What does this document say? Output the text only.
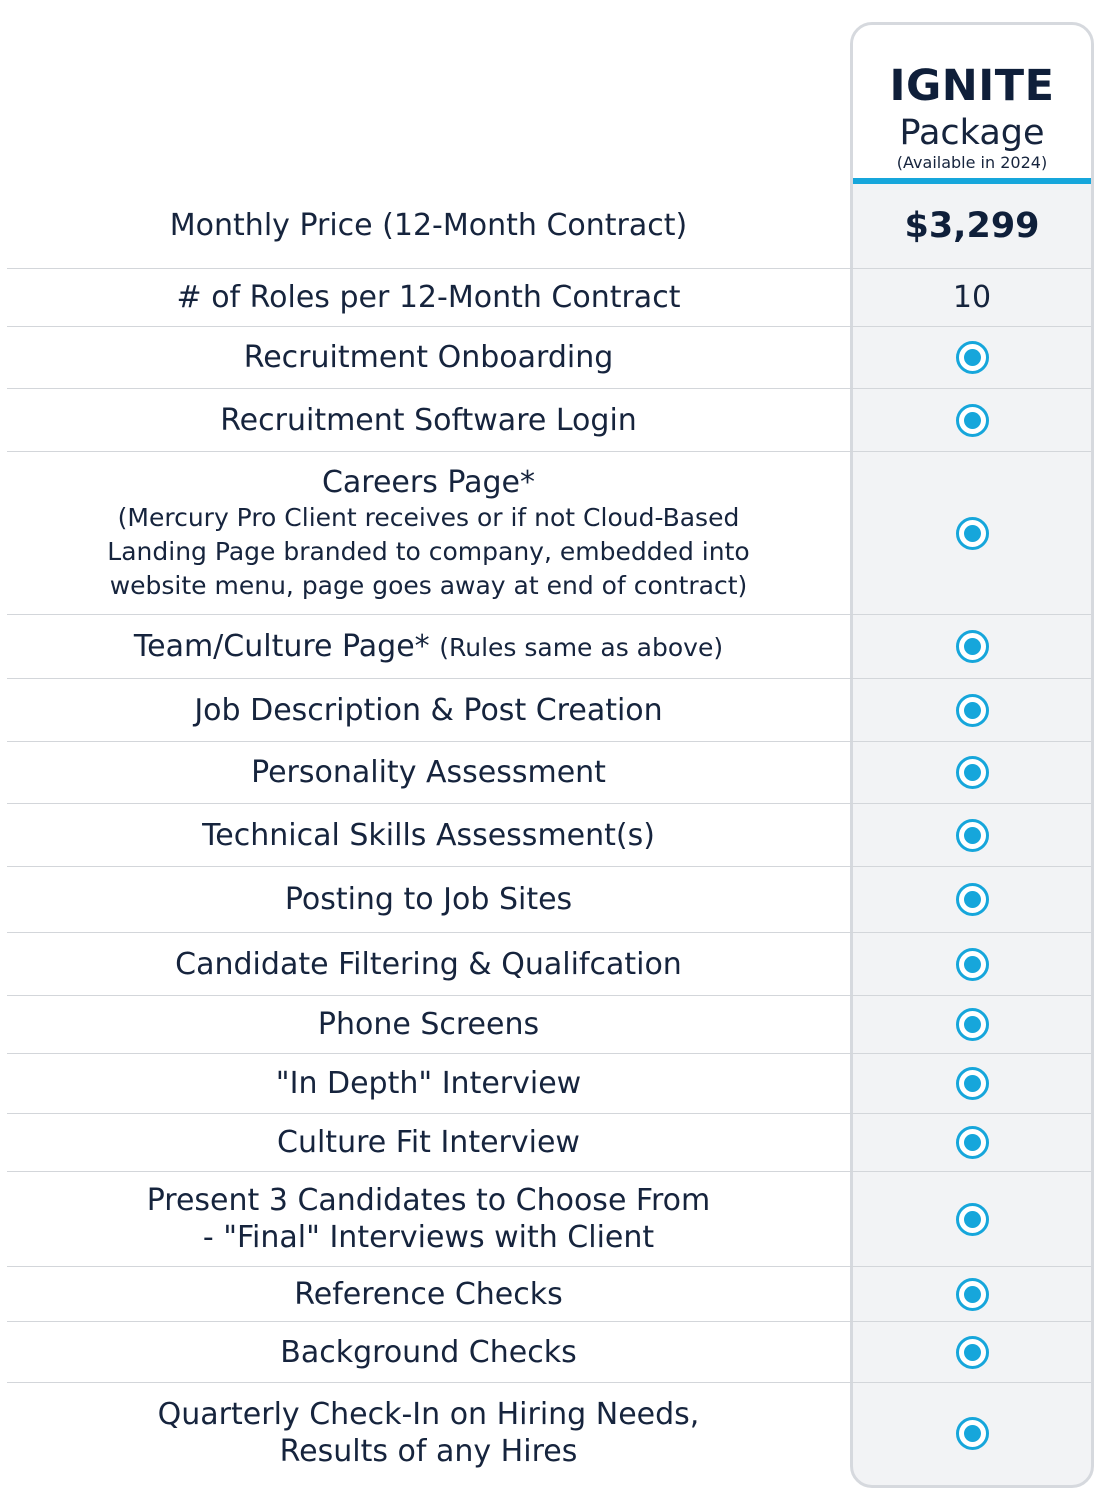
IGNITE
Package
(Available in 2024)
Monthly Price (12-Month Contract)	$3,299
# of Roles per 12-Month Contract	10
Recruitment Onboarding
Recruitment Software Login
Careers Page*
(Mercury Pro Client receives or if not Cloud-Based
Landing Page branded to company, embedded into
website menu, page goes away at end of contract)
Team/Culture Page* (Rules same as above)
Job Description & Post Creation
Personality Assessment
Technical Skills Assessment(s)
Posting to Job Sites
Candidate Filtering & Qualifcation
Phone Screens
"In Depth" Interview
Culture Fit Interview
Present 3 Candidates to Choose From
- "Final" Interviews with Client
Reference Checks
Background Checks
Quarterly Check-In on Hiring Needs,
Results of any Hires
